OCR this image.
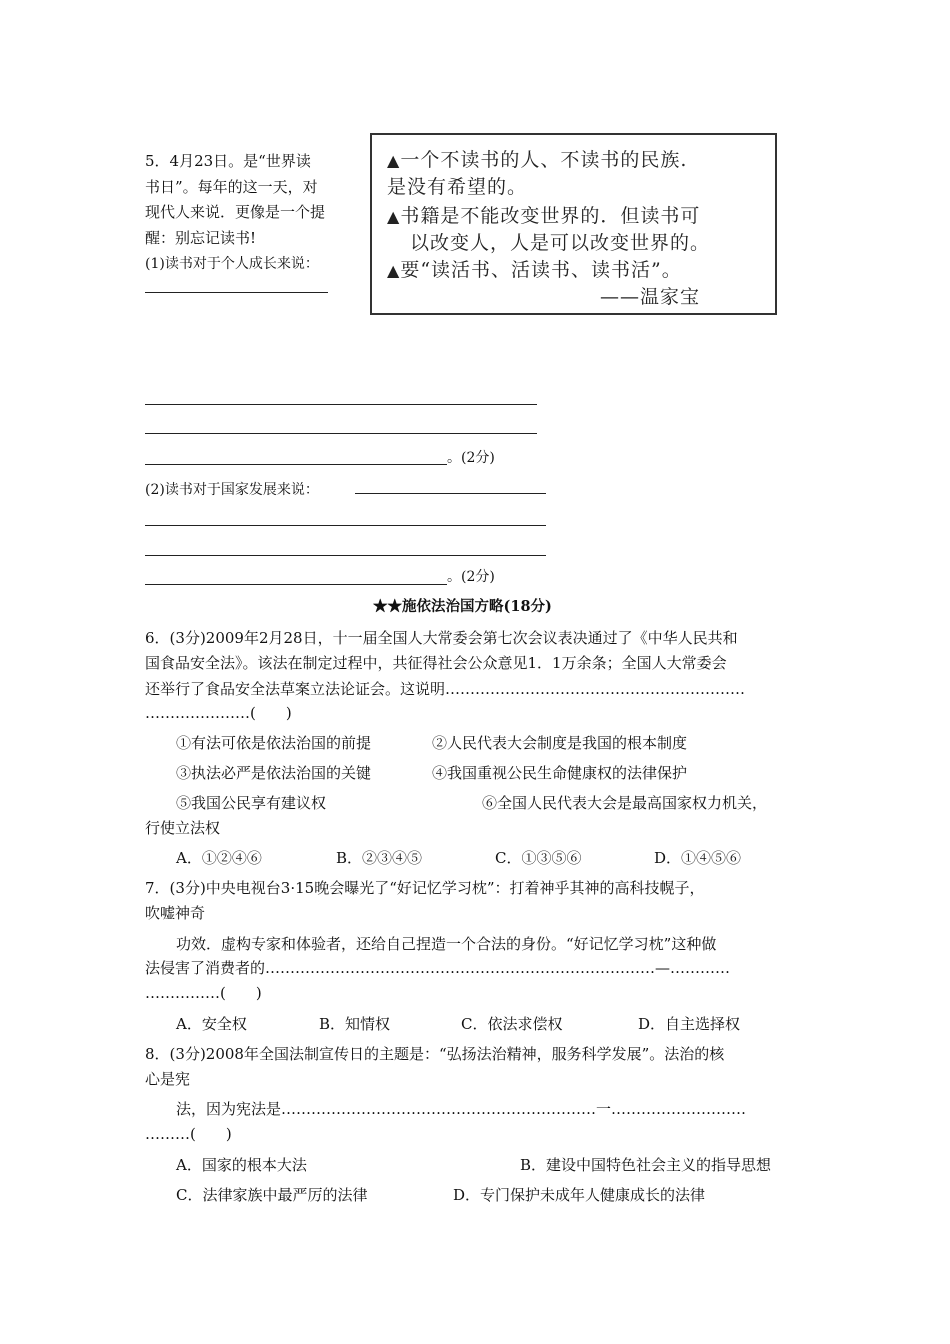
5．4月23日。是“世界读
书日”。每年的这一天，对
现代人来说．更像是一个提
醒：别忘记读书!
(1)读书对于个人成长来说：
▲一个不读书的人、不读书的民族.
是没有希望的。
▲书籍是不能改变世界的．但读书可
以改变人，人是可以改变世界的。
▲要“读活书、活读书、读书活”。
——温家宝
。(2分)
(2)读书对于国家发展来说：
。(2分)
★★施依法治国方略(18分)
6．(3分)2009年2月28日，十一届全国人大常委会第七次会议表决通过了《中华人民共和
国食品安全法》。该法在制定过程中，共征得社会公众意见1．1万余条；全国人大常委会
还举行了食品安全法草案立法论证会。这说明……………………………………………………
…………………(　　)
①有法可依是依法治国的前提	②人民代表大会制度是我国的根本制度
③执法必严是依法治国的关键	④我国重视公民生命健康权的法律保护
⑤我国公民享有建议权	⑥全国人民代表大会是最高国家权力机关，
行使立法权
A．①②④⑥	B．②③④⑤	C．①③⑤⑥	D．①④⑤⑥
7．(3分)中央电视台3·15晚会曝光了“好记忆学习枕”：打着神乎其神的高科技幌子，
吹嘘神奇
功效．虚构专家和体验者，还给自己捏造一个合法的身份。“好记忆学习枕”这种做
法侵害了消费者的……………………………………………………………………—…………
……………(　　)
A．安全权	B．知情权	C．依法求偿权	D．自主选择权
8．(3分)2008年全国法制宣传日的主题是：“弘扬法治精神，服务科学发展”。法治的核
心是宪
法，因为宪法是………………………………………………………一………………………
………(　　)
A．国家的根本大法	B．建设中国特色社会主义的指导思想
C．法律家族中最严厉的法律	D．专门保护未成年人健康成长的法律
